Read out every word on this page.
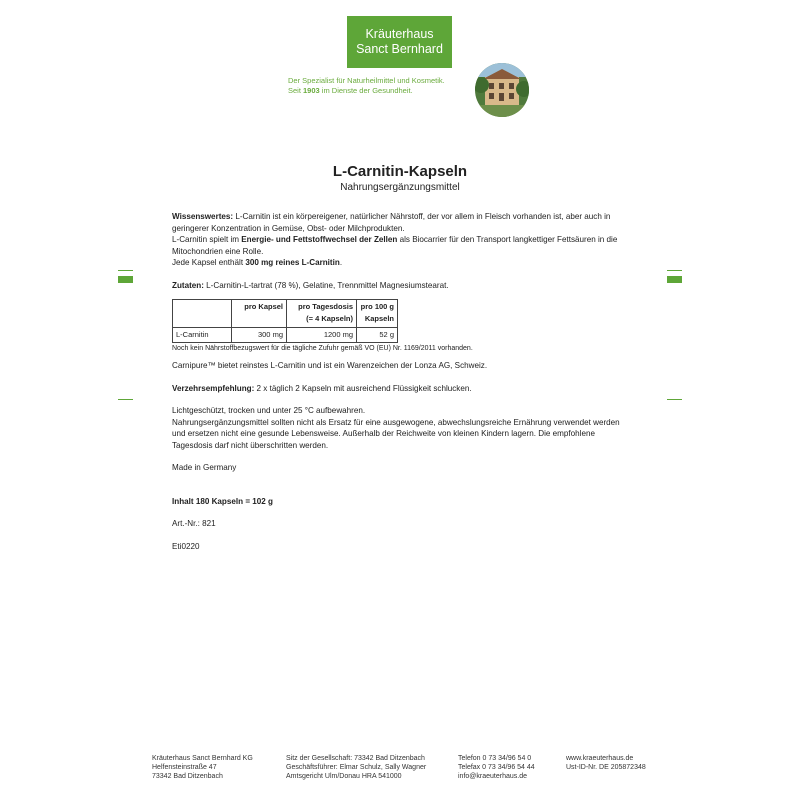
Kräuterhaus
Sanct Bernhard
Der Spezialist für Naturheilmittel und Kosmetik.
Seit 1903 im Dienste der Gesundheit.
L-Carnitin-Kapseln
Nahrungsergänzungsmittel

Wissenswertes: L-Carnitin ist ein körpereigener, natürlicher Nährstoff, der vor allem in Fleisch vorhanden ist, aber auch in geringerer Konzentration in Gemüse, Obst- oder Milchprodukten.

L-Carnitin spielt im Energie- und Fettstoffwechsel der Zellen als Biocarrier für den Transport langkettiger Fettsäuren in die Mitochondrien eine Rolle.

Jede Kapsel enthält 300 mg reines L-Carnitin.

Zutaten: L-Carnitin-L-tartrat (78 %), Gelatine, Trennmittel Magnesiumstearat.

	pro Kapsel	pro Tagesdosis (= 4 Kapseln)	pro 100 g Kapseln
L-Carnitin	300 mg	1200 mg	52 g

Noch kein Nährstoffbezugswert für die tägliche Zufuhr gemäß VO (EU) Nr. 1169/2011 vorhanden.

Carnipure™ bietet reinstes L-Carnitin und ist ein Warenzeichen der Lonza AG, Schweiz.

Verzehrsempfehlung: 2 x täglich 2 Kapseln mit ausreichend Flüssigkeit schlucken.

Lichtgeschützt, trocken und unter 25 °C aufbewahren.

Nahrungsergänzungsmittel sollten nicht als Ersatz für eine ausgewogene, abwechslungsreiche Ernährung verwendet werden und ersetzen nicht eine gesunde Lebensweise. Außerhalb der Reichweite von kleinen Kindern lagern. Die empfohlene Tagesdosis darf nicht überschritten werden.

Made in Germany

Inhalt 180 Kapseln = 102 g

Art.-Nr.: 821

Eti0220

Kräuterhaus Sanct Bernhard KG
Helfensteinstraße 47
73342 Bad Ditzenbach
Sitz der Gesellschaft: 73342 Bad Ditzenbach
Geschäftsführer: Elmar Schulz, Sally Wagner
Amtsgericht Ulm/Donau HRA 541000
Telefon 0 73 34/96 54 0
Telefax 0 73 34/96 54 44
info@kraeuterhaus.de
www.kraeuterhaus.de
Ust-ID-Nr. DE 205872348
